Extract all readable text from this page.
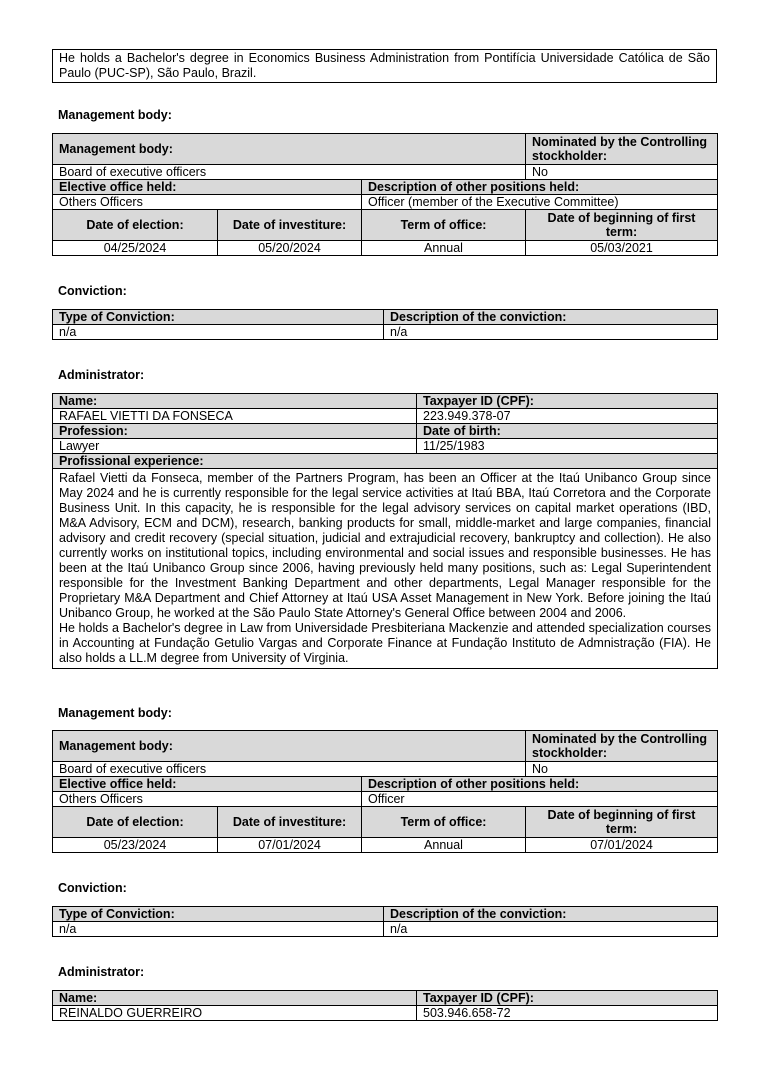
He holds a Bachelor's degree in Economics Business Administration from Pontifícia Universidade Católica de São Paulo (PUC-SP), São Paulo, Brazil.
Management body:
Management body:			Nominated by the Controlling stockholder:
Board of executive officers			No
Elective office held:		Description of other positions held:	
Others Officers		Officer (member of the Executive Committee)	
Date of election:	Date of investiture:	Term of office:	Date of beginning of first term:
04/25/2024	05/20/2024	Annual	05/03/2021
Conviction:
Type of Conviction:	Description of the conviction:
n/a	n/a
Administrator:
Name:	Taxpayer ID (CPF):
RAFAEL VIETTI DA FONSECA	223.949.378-07
Profession:	Date of birth:
Lawyer	11/25/1983
Profissional experience:	

Rafael Vietti da Fonseca, member of the Partners Program, has been an Officer at the Itaú Unibanco Group since May 2024 and he is currently responsible for the legal service activities at Itaú BBA, Itaú Corretora and the Corporate Business Unit. In this capacity, he is responsible for the legal advisory services on capital market operations (IBD, M&A Advisory, ECM and DCM), research, banking products for small, middle-market and large companies, financial advisory and credit recovery (special situation, judicial and extrajudicial recovery, bankruptcy and collection). He also currently works on institutional topics, including environmental and social issues and responsible businesses. He has been at the Itaú Unibanco Group since 2006, having previously held many positions, such as: Legal Superintendent responsible for the Investment Banking Department and other departments, Legal Manager responsible for the Proprietary M&A Department and Chief Attorney at Itaú USA Asset Management in New York. Before joining the Itaú Unibanco Group, he worked at the São Paulo State Attorney's General Office between 2004 and 2006.
He holds a Bachelor's degree in Law from Universidade Presbiteriana Mackenzie and attended specialization courses in Accounting at Fundação Getulio Vargas and Corporate Finance at Fundação Instituto de Admnistração (FIA). He also holds a LL.M degree from University of Virginia.	
Management body:
Management body:			Nominated by the Controlling stockholder:
Board of executive officers			No
Elective office held:		Description of other positions held:	
Others Officers		Officer	
Date of election:	Date of investiture:	Term of office:	Date of beginning of first term:
05/23/2024	07/01/2024	Annual	07/01/2024
Conviction:
Type of Conviction:	Description of the conviction:
n/a	n/a
Administrator:
Name:	Taxpayer ID (CPF):
REINALDO GUERREIRO	503.946.658-72
